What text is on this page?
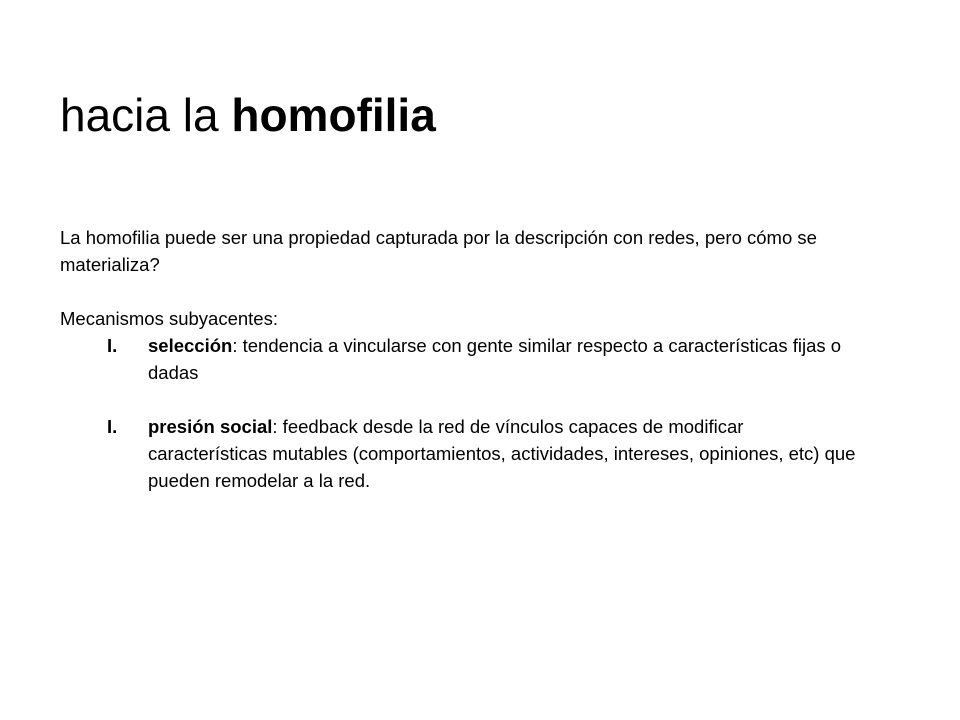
hacia la homofilia

La homofilia puede ser una propiedad capturada por la descripción con redes, pero cómo se materializa?

Mecanismos subyacentes:

I.	selección: tendencia a vincularse con gente similar respecto a características fijas o dadas
I.	presión social: feedback desde la red de vínculos capaces de modificar características mutables (comportamientos, actividades, intereses, opiniones, etc) que pueden remodelar a la red.
